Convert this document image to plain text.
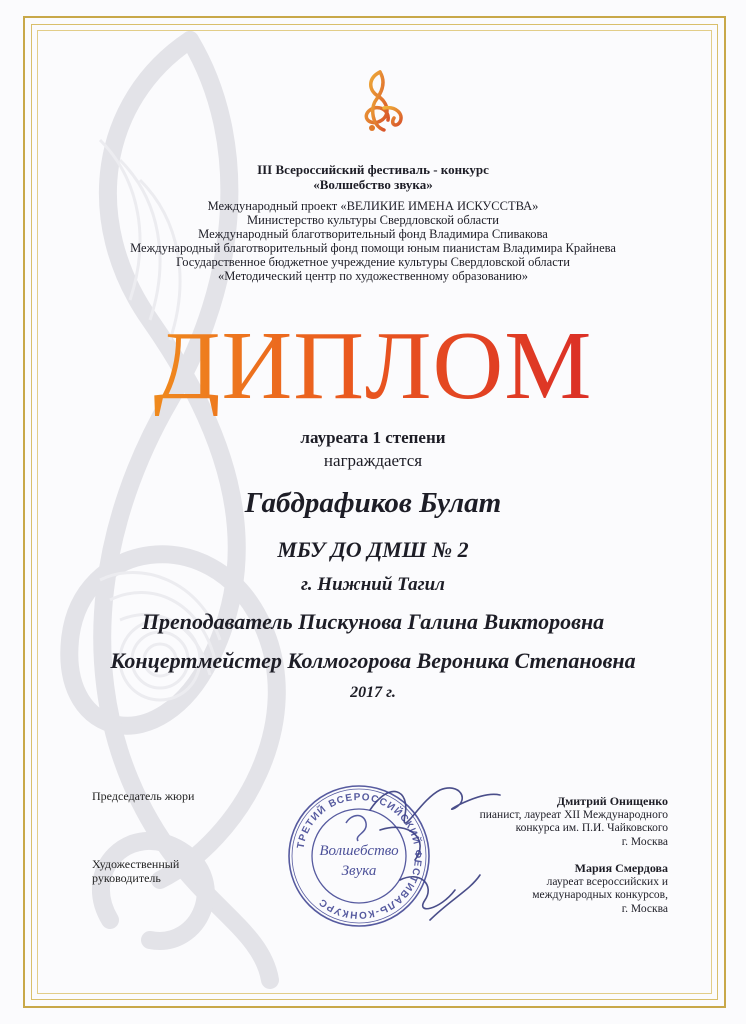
III Всероссийский фестиваль - конкурс
«Волшебство звука»
Международный проект «ВЕЛИКИЕ ИМЕНА ИСКУССТВА»
Министерство культуры Свердловской области
Международный благотворительный фонд Владимира Спивакова
Международный благотворительный фонд помощи юным пианистам Владимира Крайнева
Государственное бюджетное учреждение культуры Свердловской области
«Методический центр по художественному образованию»
ДИПЛОМ
лауреата 1 степени
награждается
Габдрафиков Булат
МБУ ДО ДМШ № 2
г. Нижний Тагил
Преподаватель Пискунова Галина Викторовна
Концертмейстер Колмогорова Вероника Степановна
2017 г.
Председатель жюри
Художественный
руководитель
Дмитрий Онищенко
пианист, лауреат XII Международного
конкурса им. П.И. Чайковского
г. Москва
Мария Смердова
лауреат всероссийских и
международных конкурсов,
г. Москва
ТРЕТИЙ ВСЕРОССИЙСКИЙ ФЕСТИВАЛЬ-КОНКУРС
Волшебство
Звука
